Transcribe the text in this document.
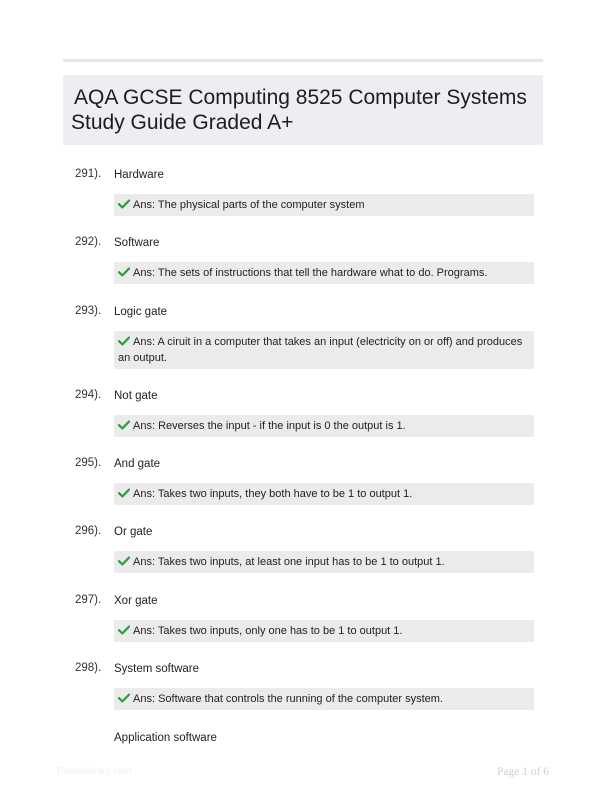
AQA GCSE Computing 8525 Computer Systems
Study Guide Graded A+
291). Hardware
Ans: The physical parts of the computer system
292). Software
Ans: The sets of instructions that tell the hardware what to do. Programs.
293). Logic gate
Ans: A ciruit in a computer that takes an input (electricity on or off) and produces an output.
294). Not gate
Ans: Reverses the input - if the input is 0 the output is 1.
295). And gate
Ans: Takes two inputs, they both have to be 1 to output 1.
296). Or gate
Ans: Takes two inputs, at least one input has to be 1 to output 1.
297). Xor gate
Ans: Takes two inputs, only one has to be 1 to output 1.
298). System software
Ans: Software that controls the running of the computer system.
Application software
Paperlibrary.com	Page 1 of 6
